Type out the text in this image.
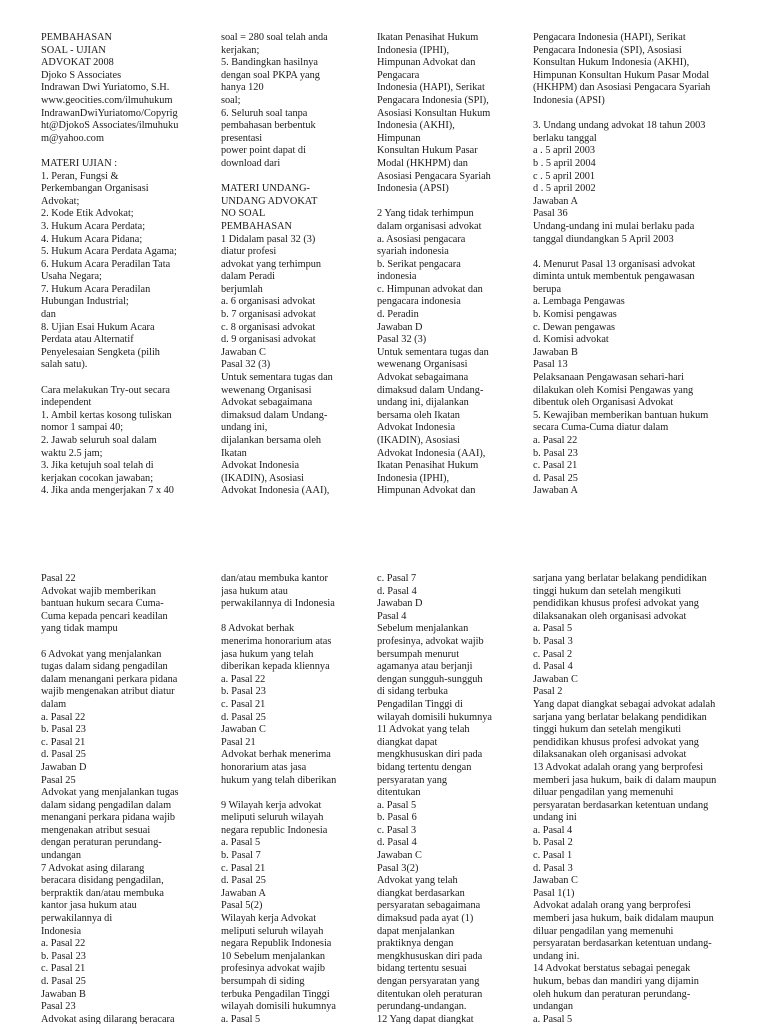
PEMBAHASAN
SOAL - UJIAN
ADVOKAT 2008
Djoko S Associates
Indrawan Dwi Yuriatomo, S.H.
www.geocities.com/ilmuhukum
IndrawanDwiYuriatomo/Copyrig
ht@DjokoS Associates/ilmuhuku
m@yahoo.com
MATERI UJIAN :
1. Peran, Fungsi &
Perkembangan Organisasi
Advokat;
2. Kode Etik Advokat;
3. Hukum Acara Perdata;
4. Hukum Acara Pidana;
5. Hukum Acara Perdata Agama;
6. Hukum Acara Peradilan Tata
Usaha Negara;
7. Hukum Acara Peradilan
Hubungan Industrial;
dan
8. Ujian Esai Hukum Acara
Perdata atau Alternatif
Penyelesaian Sengketa (pilih
salah satu).
Cara melakukan Try-out secara
independent
1. Ambil kertas kosong tuliskan
nomor 1 sampai 40;
2. Jawab seluruh soal dalam
waktu 2.5 jam;
3. Jika ketujuh soal telah di
kerjakan cocokan jawaban;
4. Jika anda mengerjakan 7 x 40
soal = 280 soal telah anda
kerjakan;
5. Bandingkan hasilnya
dengan soal PKPA yang
hanya 120
soal;
6. Seluruh soal tanpa
pembahasan berbentuk
presentasi
power point dapat di
download dari
MATERI UNDANG-
UNDANG ADVOKAT
NO SOAL
PEMBAHASAN
1 Didalam pasal 32 (3)
diatur profesi
advokat yang terhimpun
dalam Peradi
berjumlah
a. 6 organisasi advokat
b. 7 organisasi advokat
c. 8 organisasi advokat
d. 9 organisasi advokat
Jawaban C
Pasal 32 (3)
Untuk sementara tugas dan
wewenang Organisasi
Advokat sebagaimana
dimaksud dalam Undang-
undang ini,
dijalankan bersama oleh
Ikatan
Advokat Indonesia
(IKADIN), Asosiasi
Advokat Indonesia (AAI),
Ikatan Penasihat Hukum
Indonesia (IPHI),
Himpunan Advokat dan
Pengacara
Indonesia (HAPI), Serikat
Pengacara Indonesia (SPI),
Asosiasi Konsultan Hukum
Indonesia (AKHI),
Himpunan
Konsultan Hukum Pasar
Modal (HKHPM) dan
Asosiasi Pengacara Syariah
Indonesia (APSI)
2 Yang tidak terhimpun
dalam organisasi advokat
a. Asosiasi pengacara
syariah indonesia
b. Serikat pengacara
indonesia
c. Himpunan advokat dan
pengacara indonesia
d. Peradin
Jawaban D
Pasal 32 (3)
Untuk sementara tugas dan
wewenang Organisasi
Advokat sebagaimana
dimaksud dalam Undang-
undang ini, dijalankan
bersama oleh Ikatan
Advokat Indonesia
(IKADIN), Asosiasi
Advokat Indonesia (AAI),
Ikatan Penasihat Hukum
Indonesia (IPHI),
Himpunan Advokat dan
Pengacara Indonesia (HAPI), Serikat
Pengacara Indonesia (SPI), Asosiasi
Konsultan Hukum Indonesia (AKHI),
Himpunan Konsultan Hukum Pasar Modal
(HKHPM) dan Asosiasi Pengacara Syariah
Indonesia (APSI)
3. Undang undang advokat 18 tahun 2003
berlaku tanggal
a . 5 april 2003
b . 5 april 2004
c . 5 april 2001
d . 5 april 2002
Jawaban A
Pasal 36
Undang-undang ini mulai berlaku pada
tanggal diundangkan 5 April 2003
4. Menurut Pasal 13 organisasi advokat
diminta untuk membentuk pengawasan
berupa
a. Lembaga Pengawas
b. Komisi pengawas
c. Dewan pengawas
d. Komisi advokat
Jawaban B
Pasal 13
Pelaksanaan Pengawasan sehari-hari
dilakukan oleh Komisi Pengawas yang
dibentuk oleh Organisasi Advokat
5. Kewajiban memberikan bantuan hukum
secara Cuma-Cuma diatur dalam
a. Pasal 22
b. Pasal 23
c. Pasal 21
d. Pasal 25
Jawaban A
Pasal 22
Advokat wajib memberikan
bantuan hukum secara Cuma-
Cuma kepada pencari keadilan
yang tidak mampu
6 Advokat yang menjalankan
tugas dalam sidang pengadilan
dalam menangani perkara pidana
wajib mengenakan atribut diatur
dalam
a. Pasal 22
b. Pasal 23
c. Pasal 21
d. Pasal 25
Jawaban D
Pasal 25
Advokat yang menjalankan tugas
dalam sidang pengadilan dalam
menangani perkara pidana wajib
mengenakan atribut sesuai
dengan peraturan perundang-
undangan
7 Advokat asing dilarang
beracara disidang pengadilan,
berpraktik dan/atau membuka
kantor jasa hukum atau
perwakilannya di
Indonesia
a. Pasal 22
b. Pasal 23
c. Pasal 21
d. Pasal 25
Jawaban B
Pasal 23
Advokat asing dilarang beracara
dan/atau membuka kantor
jasa hukum atau
perwakilannya di Indonesia
8 Advokat berhak
menerima honorarium atas
jasa hukum yang telah
diberikan kepada kliennya
a. Pasal 22
b. Pasal 23
c. Pasal 21
d. Pasal 25
Jawaban C
Pasal 21
Advokat berhak menerima
honorarium atas jasa
hukum yang telah diberikan
9 Wilayah kerja advokat
meliputi seluruh wilayah
negara republic Indonesia
a. Pasal 5
b. Pasal 7
c. Pasal 21
d. Pasal 25
Jawaban A
Pasal 5(2)
Wilayah kerja Advokat
meliputi seluruh wilayah
negara Republik Indonesia
10 Sebelum menjalankan
profesinya advokat wajib
bersumpah di siding
terbuka Pengadilan Tinggi
wilayah domisili hukumnya
a. Pasal 5
c. Pasal 7
d. Pasal 4
Jawaban D
Pasal 4
Sebelum menjalankan
profesinya, advokat wajib
bersumpah menurut
agamanya atau berjanji
dengan sungguh-sungguh
di sidang terbuka
Pengadilan Tinggi di
wilayah domisili hukumnya
11 Advokat yang telah
diangkat dapat
mengkhususkan diri pada
bidang tertentu dengan
persyaratan yang
ditentukan
a. Pasal 5
b. Pasal 6
c. Pasal 3
d. Pasal 4
Jawaban C
Pasal 3(2)
Advokat yang telah
diangkat berdasarkan
persyaratan sebagaimana
dimaksud pada ayat (1)
dapat menjalankan
praktiknya dengan
mengkhususkan diri pada
bidang tertentu sesuai
dengan persyaratan yang
ditentukan oleh peraturan
perundang-undangan.
12 Yang dapat diangkat
sarjana yang berlatar belakang pendidikan
tinggi hukum dan setelah mengikuti
pendidikan khusus profesi advokat yang
dilaksanakan oleh organisasi advokat
a. Pasal 5
b. Pasal 3
c. Pasal 2
d. Pasal 4
Jawaban C
Pasal 2
Yang dapat diangkat sebagai advokat adalah
sarjana yang berlatar belakang pendidikan
tinggi hukum dan setelah mengikuti
pendidikan khusus profesi advokat yang
dilaksanakan oleh organisasi advokat
13 Advokat adalah orang yang berprofesi
memberi jasa hukum, baik di dalam maupun
diluar pengadilan yang memenuhi
persyaratan berdasarkan ketentuan undang
undang ini
a. Pasal 4
b. Pasal 2
c. Pasal 1
d. Pasal 3
Jawaban C
Pasal 1(1)
Advokat adalah orang yang berprofesi
memberi jasa hukum, baik didalam maupun
diluar pengadilan yang memenuhi
persyaratan berdasarkan ketentuan undang-
undang ini.
14 Advokat berstatus sebagai penegak
hukum, bebas dan mandiri yang dijamin
oleh hukum dan peraturan perundang-
undangan
a. Pasal 5
